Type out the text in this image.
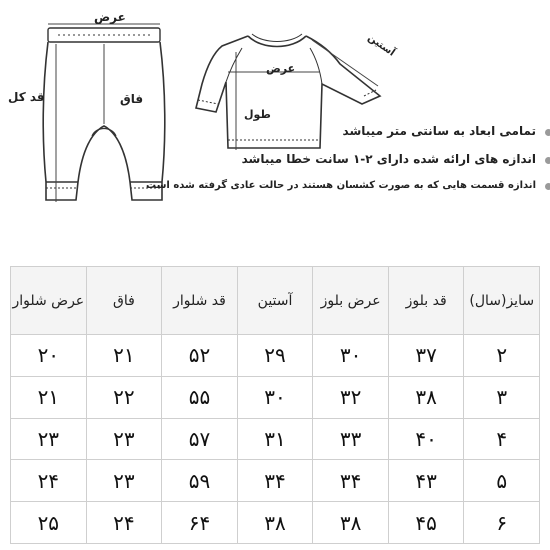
عرض
قد کل	فاق
آستین
عرض
طول
تمامی ابعاد به سانتی متر میباشد
اندازه های ارائه شده دارای ۲-۱ سانت خطا میباشد
اندازه قسمت هایی که به صورت کشسان هستند در حالت عادی گرفته شده است
سایز(سال)	قد بلوز	عرض بلوز	آستین	قد شلوار	فاق	عرض شلوار
۲	۳۷	۳۰	۲۹	۵۲	۲۱	۲۰
۳	۳۸	۳۲	۳۰	۵۵	۲۲	۲۱
۴	۴۰	۳۳	۳۱	۵۷	۲۳	۲۳
۵	۴۳	۳۴	۳۴	۵۹	۲۳	۲۴
۶	۴۵	۳۸	۳۸	۶۴	۲۴	۲۵
